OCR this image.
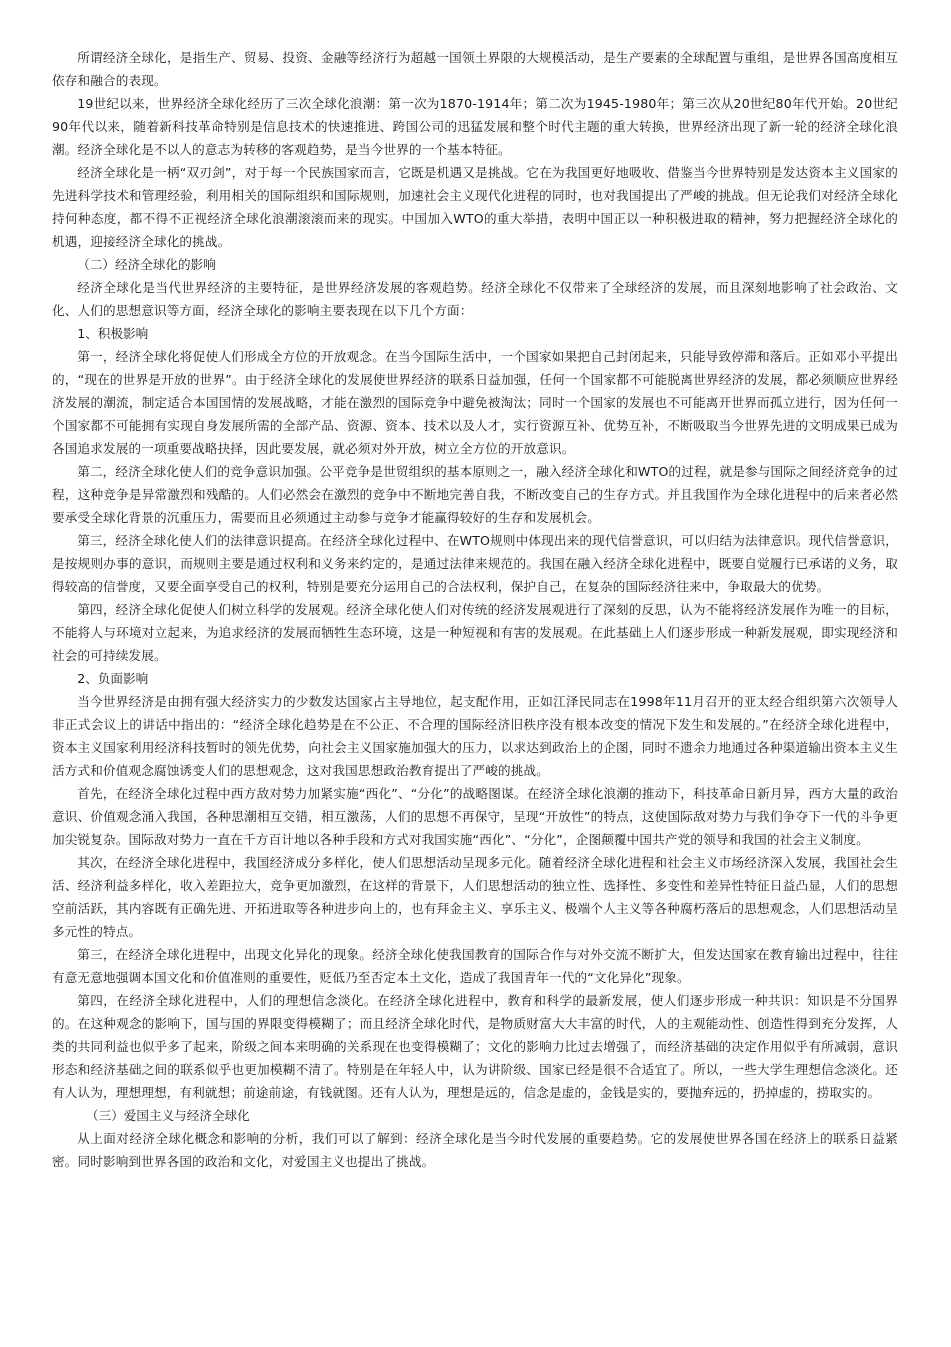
所谓经济全球化，是指生产、贸易、投资、金融等经济行为超越一国领土界限的大规模活动，是生产要素的全球配置与重组，是世界各国高度相互依存和融合的表现。

19世纪以来，世界经济全球化经历了三次全球化浪潮：第一次为1870-1914年；第二次为1945-1980年；第三次从20世纪80年代开始。20世纪90年代以来，随着新科技革命特别是信息技术的快速推进、跨国公司的迅猛发展和整个时代主题的重大转换，世界经济出现了新一轮的经济全球化浪潮。经济全球化是不以人的意志为转移的客观趋势，是当今世界的一个基本特征。

经济全球化是一柄“双刃剑”，对于每一个民族国家而言，它既是机遇又是挑战。它在为我国更好地吸收、借鉴当今世界特别是发达资本主义国家的先进科学技术和管理经验，利用相关的国际组织和国际规则，加速社会主义现代化进程的同时，也对我国提出了严峻的挑战。但无论我们对经济全球化持何种态度，都不得不正视经济全球化浪潮滚滚而来的现实。中国加入WTO的重大举措，表明中国正以一种积极进取的精神，努力把握经济全球化的机遇，迎接经济全球化的挑战。

（二）经济全球化的影响

经济全球化是当代世界经济的主要特征，是世界经济发展的客观趋势。经济全球化不仅带来了全球经济的发展，而且深刻地影响了社会政治、文化、人们的思想意识等方面，经济全球化的影响主要表现在以下几个方面：

1、积极影响

第一，经济全球化将促使人们形成全方位的开放观念。在当今国际生活中，一个国家如果把自己封闭起来，只能导致停滞和落后。正如邓小平提出的，“现在的世界是开放的世界”。由于经济全球化的发展使世界经济的联系日益加强，任何一个国家都不可能脱离世界经济的发展，都必须顺应世界经济发展的潮流，制定适合本国国情的发展战略，才能在激烈的国际竞争中避免被淘汰；同时一个国家的发展也不可能离开世界而孤立进行，因为任何一个国家都不可能拥有实现自身发展所需的全部产品、资源、资本、技术以及人才，实行资源互补、优势互补，不断吸取当今世界先进的文明成果已成为各国追求发展的一项重要战略抉择，因此要发展，就必须对外开放，树立全方位的开放意识。

第二，经济全球化使人们的竞争意识加强。公平竞争是世贸组织的基本原则之一，融入经济全球化和WTO的过程，就是参与国际之间经济竞争的过程，这种竞争是异常激烈和残酷的。人们必然会在激烈的竞争中不断地完善自我，不断改变自己的生存方式。并且我国作为全球化进程中的后来者必然要承受全球化背景的沉重压力，需要而且必须通过主动参与竞争才能赢得较好的生存和发展机会。

第三，经济全球化使人们的法律意识提高。在经济全球化过程中、在WTO规则中体现出来的现代信誉意识，可以归结为法律意识。现代信誉意识，是按规则办事的意识，而规则主要是通过权利和义务来约定的，是通过法律来规范的。我国在融入经济全球化进程中，既要自觉履行已承诺的义务，取得较高的信誉度，又要全面享受自己的权利，特别是要充分运用自己的合法权利，保护自己，在复杂的国际经济往来中，争取最大的优势。

第四，经济全球化促使人们树立科学的发展观。经济全球化使人们对传统的经济发展观进行了深刻的反思，认为不能将经济发展作为唯一的目标，不能将人与环境对立起来，为追求经济的发展而牺牲生态环境，这是一种短视和有害的发展观。在此基础上人们逐步形成一种新发展观，即实现经济和社会的可持续发展。

2、负面影响

当今世界经济是由拥有强大经济实力的少数发达国家占主导地位，起支配作用，正如江泽民同志在1998年11月召开的亚太经合组织第六次领导人非正式会议上的讲话中指出的：“经济全球化趋势是在不公正、不合理的国际经济旧秩序没有根本改变的情况下发生和发展的。”在经济全球化进程中，资本主义国家利用经济科技暂时的领先优势，向社会主义国家施加强大的压力，以求达到政治上的企图，同时不遗余力地通过各种渠道输出资本主义生活方式和价值观念腐蚀诱变人们的思想观念，这对我国思想政治教育提出了严峻的挑战。

首先，在经济全球化过程中西方敌对势力加紧实施“西化”、“分化”的战略图谋。在经济全球化浪潮的推动下，科技革命日新月异，西方大量的政治意识、价值观念涌入我国，各种思潮相互交错，相互激荡，人们的思想不再保守，呈现“开放性”的特点，这使国际敌对势力与我们争夺下一代的斗争更加尖锐复杂。国际敌对势力一直在千方百计地以各种手段和方式对我国实施“西化”、“分化”，企图颠覆中国共产党的领导和我国的社会主义制度。

其次，在经济全球化进程中，我国经济成分多样化，使人们思想活动呈现多元化。随着经济全球化进程和社会主义市场经济深入发展，我国社会生活、经济利益多样化，收入差距拉大，竞争更加激烈，在这样的背景下，人们思想活动的独立性、选择性、多变性和差异性特征日益凸显，人们的思想空前活跃，其内容既有正确先进、开拓进取等各种进步向上的，也有拜金主义、享乐主义、极端个人主义等各种腐朽落后的思想观念，人们思想活动呈多元性的特点。

第三，在经济全球化进程中，出现文化异化的现象。经济全球化使我国教育的国际合作与对外交流不断扩大，但发达国家在教育输出过程中，往往有意无意地强调本国文化和价值准则的重要性，贬低乃至否定本土文化，造成了我国青年一代的“文化异化”现象。

第四，在经济全球化进程中，人们的理想信念淡化。在经济全球化进程中，教育和科学的最新发展，使人们逐步形成一种共识：知识是不分国界的。在这种观念的影响下，国与国的界限变得模糊了；而且经济全球化时代，是物质财富大大丰富的时代，人的主观能动性、创造性得到充分发挥，人类的共同利益也似乎多了起来，阶级之间本来明确的关系现在也变得模糊了；文化的影响力比过去增强了，而经济基础的决定作用似乎有所减弱，意识形态和经济基础之间的联系似乎也更加模糊不清了。特别是在年轻人中，认为讲阶级、国家已经是很不合适宜了。所以，一些大学生理想信念淡化。还有人认为，理想理想，有利就想；前途前途，有钱就图。还有人认为，理想是远的，信念是虚的，金钱是实的，要抛弃远的，扔掉虚的，捞取实的。

（三）爱国主义与经济全球化

从上面对经济全球化概念和影响的分析，我们可以了解到：经济全球化是当今时代发展的重要趋势。它的发展使世界各国在经济上的联系日益紧密。同时影响到世界各国的政治和文化，对爱国主义也提出了挑战。
